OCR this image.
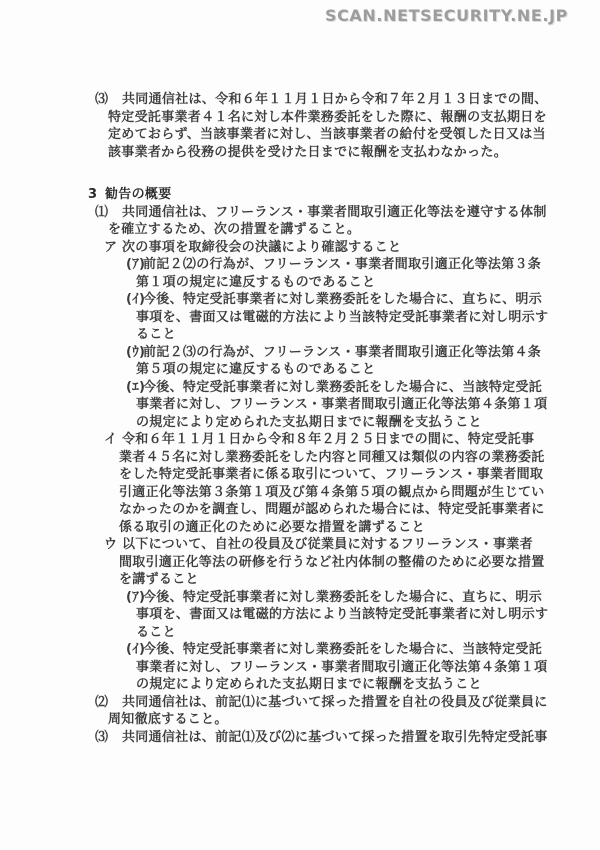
SCAN.NETSECURITY.NE.JP
⑶ 共同通信社は、令和６年１１月１日から令和７年２月１３日までの間、
特定受託事業者４１名に対し本件業務委託をした際に、報酬の支払期日を
定めておらず、当該事業者に対し、当該事業者の給付を受領した日又は当
該事業者から役務の提供を受けた日までに報酬を支払わなかった。
3 勧告の概要
⑴ 共同通信社は、フリーランス・事業者間取引適正化等法を遵守する体制
を確立するため、次の措置を講ずること。
ア 次の事項を取締役会の決議により確認すること
(ｱ)前記２⑵の行為が、フリーランス・事業者間取引適正化等法第３条
第１項の規定に違反するものであること
(ｲ)今後、特定受託事業者に対し業務委託をした場合に、直ちに、明示
事項を、書面又は電磁的方法により当該特定受託事業者に対し明示す
ること
(ｳ)前記２⑶の行為が、フリーランス・事業者間取引適正化等法第４条
第５項の規定に違反するものであること
(ｴ)今後、特定受託事業者に対し業務委託をした場合に、当該特定受託
事業者に対し、フリーランス・事業者間取引適正化等法第４条第１項
の規定により定められた支払期日までに報酬を支払うこと
イ 令和６年１１月１日から令和８年２月２５日までの間に、特定受託事
業者４５名に対し業務委託をした内容と同種又は類似の内容の業務委託
をした特定受託事業者に係る取引について、フリーランス・事業者間取
引適正化等法第３条第１項及び第４条第５項の観点から問題が生じてい
なかったのかを調査し、問題が認められた場合には、特定受託事業者に
係る取引の適正化のために必要な措置を講ずること
ウ 以下について、自社の役員及び従業員に対するフリーランス・事業者
間取引適正化等法の研修を行うなど社内体制の整備のために必要な措置
を講ずること
(ｱ)今後、特定受託事業者に対し業務委託をした場合に、直ちに、明示
事項を、書面又は電磁的方法により当該特定受託事業者に対し明示す
ること
(ｲ)今後、特定受託事業者に対し業務委託をした場合に、当該特定受託
事業者に対し、フリーランス・事業者間取引適正化等法第４条第１項
の規定により定められた支払期日までに報酬を支払うこと
⑵ 共同通信社は、前記⑴に基づいて採った措置を自社の役員及び従業員に
周知徹底すること。
⑶ 共同通信社は、前記⑴及び⑵に基づいて採った措置を取引先特定受託事
